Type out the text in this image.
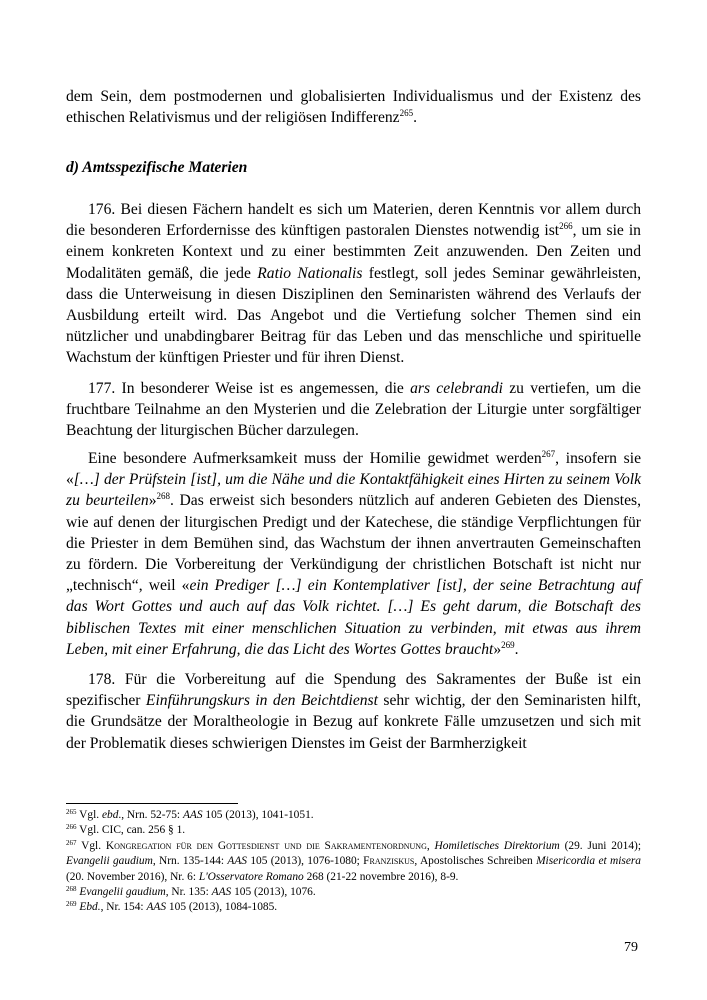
dem Sein, dem postmodernen und globalisierten Individualismus und der Existenz des ethischen Relativismus und der religiösen Indifferenz$^{265}$.

d) Amtsspezifische Materien

176. Bei diesen Fächern handelt es sich um Materien, deren Kenntnis vor allem durch die besonderen Erfordernisse des künftigen pastoralen Dienstes notwendig ist$^{266}$, um sie in einem konkreten Kontext und zu einer bestimmten Zeit anzuwenden. Den Zeiten und Modalitäten gemäß, die jede Ratio Nationalis festlegt, soll jedes Seminar gewährleisten, dass die Unterweisung in diesen Disziplinen den Seminaristen während des Verlaufs der Ausbildung erteilt wird. Das Angebot und die Vertiefung solcher Themen sind ein nützlicher und unabdingbarer Beitrag für das Leben und das menschliche und spirituelle Wachstum der künftigen Priester und für ihren Dienst.

177. In besonderer Weise ist es angemessen, die ars celebrandi zu vertiefen, um die fruchtbare Teilnahme an den Mysterien und die Zelebration der Liturgie unter sorgfältiger Beachtung der liturgischen Bücher darzulegen.

Eine besondere Aufmerksamkeit muss der Homilie gewidmet werden$^{267}$, insofern sie «[…] der Prüfstein [ist], um die Nähe und die Kontaktfähigkeit eines Hirten zu seinem Volk zu beurteilen»$^{268}$. Das erweist sich besonders nützlich auf anderen Gebieten des Dienstes, wie auf denen der liturgischen Predigt und der Katechese, die ständige Verpflichtungen für die Priester in dem Bemühen sind, das Wachstum der ihnen anvertrauten Gemeinschaften zu fördern. Die Vorbereitung der Verkündigung der christlichen Botschaft ist nicht nur „technisch“, weil «ein Prediger […] ein Kontemplativer [ist], der seine Betrachtung auf das Wort Gottes und auch auf das Volk richtet. […] Es geht darum, die Botschaft des biblischen Textes mit einer menschlichen Situation zu verbinden, mit etwas aus ihrem Leben, mit einer Erfahrung, die das Licht des Wortes Gottes braucht»$^{269}$.

178. Für die Vorbereitung auf die Spendung des Sakramentes der Buße ist ein spezifischer Einführungskurs in den Beichtdienst sehr wichtig, der den Seminaristen hilft, die Grundsätze der Moraltheologie in Bezug auf konkrete Fälle umzusetzen und sich mit der Problematik dieses schwierigen Dienstes im Geist der Barmherzigkeit

$^{265}$ Vgl. ebd., Nrn. 52-75: AAS 105 (2013), 1041-1051.

$^{266}$ Vgl. CIC, can. 256 § 1.

$^{267}$ Vgl. Kongregation für den Gottesdienst und die Sakramentenordnung, Homiletisches Direktorium (29. Juni 2014); Evangelii gaudium, Nrn. 135-144: AAS 105 (2013), 1076-1080; Franziskus, Apostolisches Schreiben Misericordia et misera (20. November 2016), Nr. 6: L'Osservatore Romano 268 (21-22 novembre 2016), 8-9.

$^{268}$ Evangelii gaudium, Nr. 135: AAS 105 (2013), 1076.

$^{269}$ Ebd., Nr. 154: AAS 105 (2013), 1084-1085.

79
